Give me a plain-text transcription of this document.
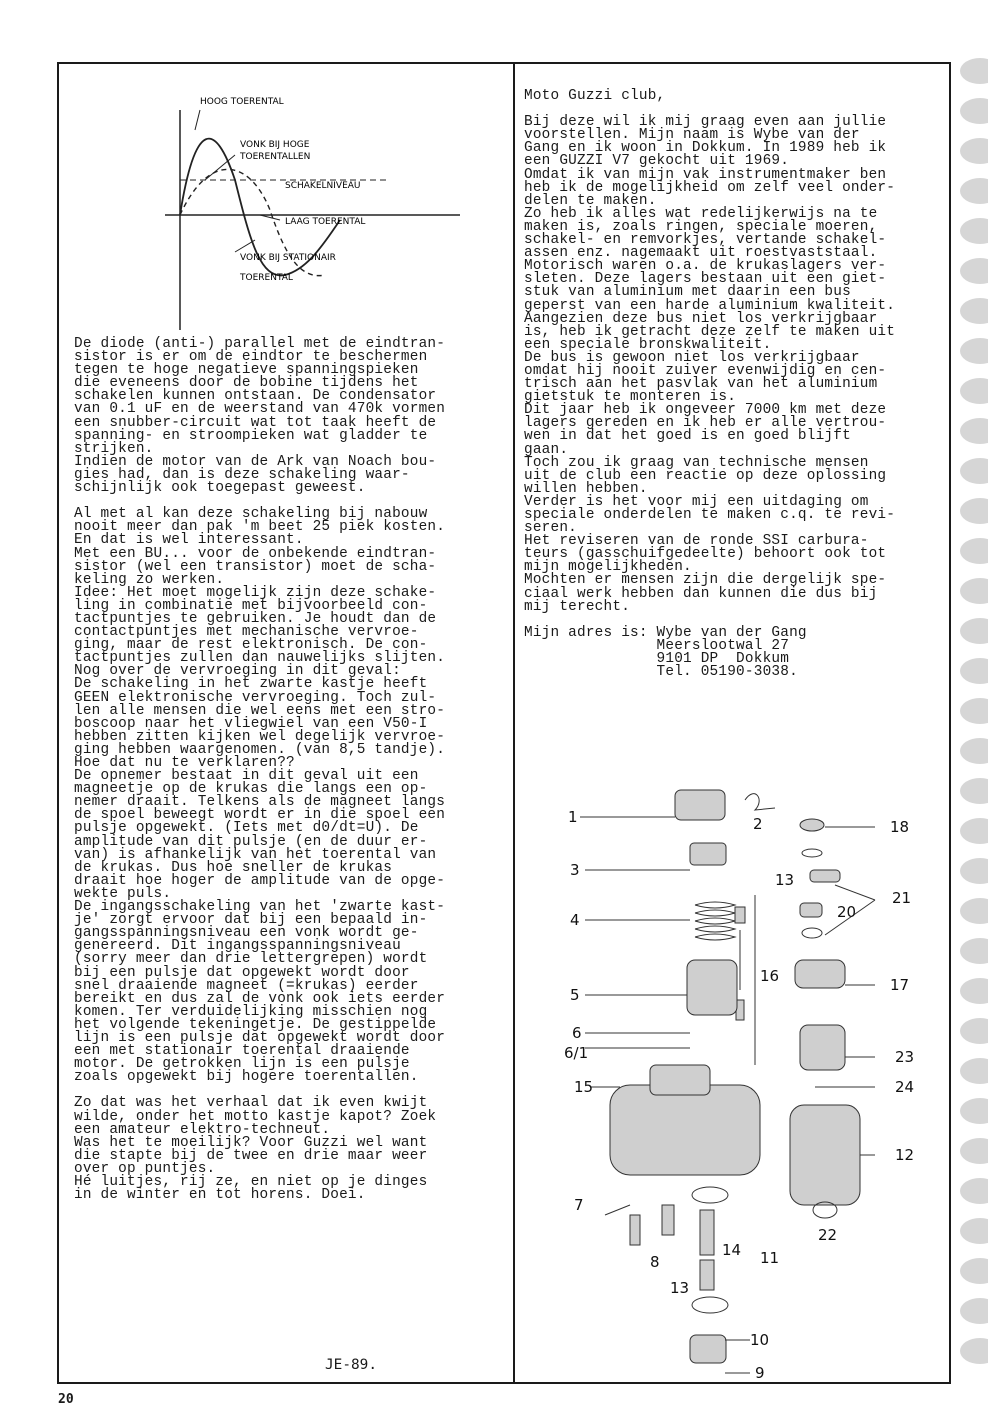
HOOG TOERENTAL
VONK BIJ HOGE
TOERENTALLEN
SCHAKELNIVEAU
LAAG TOERENTAL
VONK BIJ STATIONAIR
TOERENTAL
De diode (anti-) parallel met de eindtran-
sistor is er om de eindtor te beschermen
tegen te hoge negatieve spanningspieken
die eveneens door de bobine tijdens het
schakelen kunnen ontstaan. De condensator
van 0.1 uF en de weerstand van 470k vormen
een snubber-circuit wat tot taak heeft de
spanning- en stroompieken wat gladder te
strijken.
Indien de motor van de Ark van Noach bou-
gies had, dan is deze schakeling waar-
schijnlijk ook toegepast geweest.

Al met al kan deze schakeling bij nabouw
nooit meer dan pak 'm beet 25 piek kosten.
En dat is wel interessant.
Met een BU... voor de onbekende eindtran-
sistor (wel een transistor) moet de scha-
keling zo werken.
Idee: Het moet mogelijk zijn deze schake-
ling in combinatie met bijvoorbeeld con-
tactpuntjes te gebruiken. Je houdt dan de
contactpuntjes met mechanische vervroe-
ging, maar de rest elektronisch. De con-
tactpuntjes zullen dan nauwelijks slijten.
Nog over de vervroeging in dit geval:
De schakeling in het zwarte kastje heeft
GEEN elektronische vervroeging. Toch zul-
len alle mensen die wel eens met een stro-
boscoop naar het vliegwiel van een V50-I
hebben zitten kijken wel degelijk vervroe-
ging hebben waargenomen. (van 8,5 tandje).
Hoe dat nu te verklaren??
De opnemer bestaat in dit geval uit een
magneetje op de krukas die langs een op-
nemer draait. Telkens als de magneet langs
de spoel beweegt wordt er in die spoel een
pulsje opgewekt. (Iets met d0/dt=U). De
amplitude van dit pulsje (en de duur er-
van) is afhankelijk van het toerental van
de krukas. Dus hoe sneller de krukas
draait hoe hoger de amplitude van de opge-
wekte puls.
De ingangsschakeling van het 'zwarte kast-
je' zorgt ervoor dat bij een bepaald in-
gangsspanningsniveau een vonk wordt ge-
genereerd. Dit ingangsspanningsniveau
(sorry meer dan drie lettergrepen) wordt
bij een pulsje dat opgewekt wordt door
snel draaiende magneet (=krukas) eerder
bereikt en dus zal de vonk ook iets eerder
komen. Ter verduidelijking misschien nog
het volgende tekeningetje. De gestippelde
lijn is een pulsje dat opgewekt wordt door
een met stationair toerental draaiende
motor. De getrokken lijn is een pulsje
zoals opgewekt bij hogere toerentallen.

Zo dat was het verhaal dat ik even kwijt
wilde, onder het motto kastje kapot? Zoek
een amateur elektro-techneut.
Was het te moeilijk? Voor Guzzi wel want
die stapte bij de twee en drie maar weer
over op puntjes.
Hé luitjes, rij ze, en niet op je dinges
in de winter en tot horens. Doei.
Moto Guzzi club,

Bij deze wil ik mij graag even aan jullie
voorstellen. Mijn naam is Wybe van der
Gang en ik woon in Dokkum. In 1989 heb ik
een GUZZI V7 gekocht uit 1969.
Omdat ik van mijn vak instrumentmaker ben
heb ik de mogelijkheid om zelf veel onder-
delen te maken.
Zo heb ik alles wat redelijkerwijs na te
maken is, zoals ringen, speciale moeren,
schakel- en remvorkjes, vertande schakel-
assen enz. nagemaakt uit roestvaststaal.
Motorisch waren o.a. de krukaslagers ver-
sleten. Deze lagers bestaan uit een giet-
stuk van aluminium met daarin een bus
geperst van een harde aluminium kwaliteit.
Aangezien deze bus niet los verkrijgbaar
is, heb ik getracht deze zelf te maken uit
een speciale bronskwaliteit.
De bus is gewoon niet los verkrijgbaar
omdat hij nooit zuiver evenwijdig en cen-
trisch aan het pasvlak van het aluminium
gietstuk te monteren is.
Dit jaar heb ik ongeveer 7000 km met deze
lagers gereden en ik heb er alle vertrou-
wen in dat het goed is en goed blijft
gaan.
Toch zou ik graag van technische mensen
uit de club een reactie op deze oplossing
willen hebben.
Verder is het voor mij een uitdaging om
speciale onderdelen te maken c.q. te revi-
seren.
Het reviseren van de ronde SSI carbura-
teurs (gasschuifgedeelte) behoort ook tot
mijn mogelijkheden.
Mochten er mensen zijn die dergelijk spe-
ciaal werk hebben dan kunnen die dus bij
mij terecht.

Mijn adres is: Wybe van der Gang
Meerslootwal 27
9101 DP  Dokkum
Tel. 05190-3038.
1	2	18
3
13
21
20
4
16	17
5
6
6/1	23
15	24
12
7
22
8
14 11
13
10
9
JE-89.
20
